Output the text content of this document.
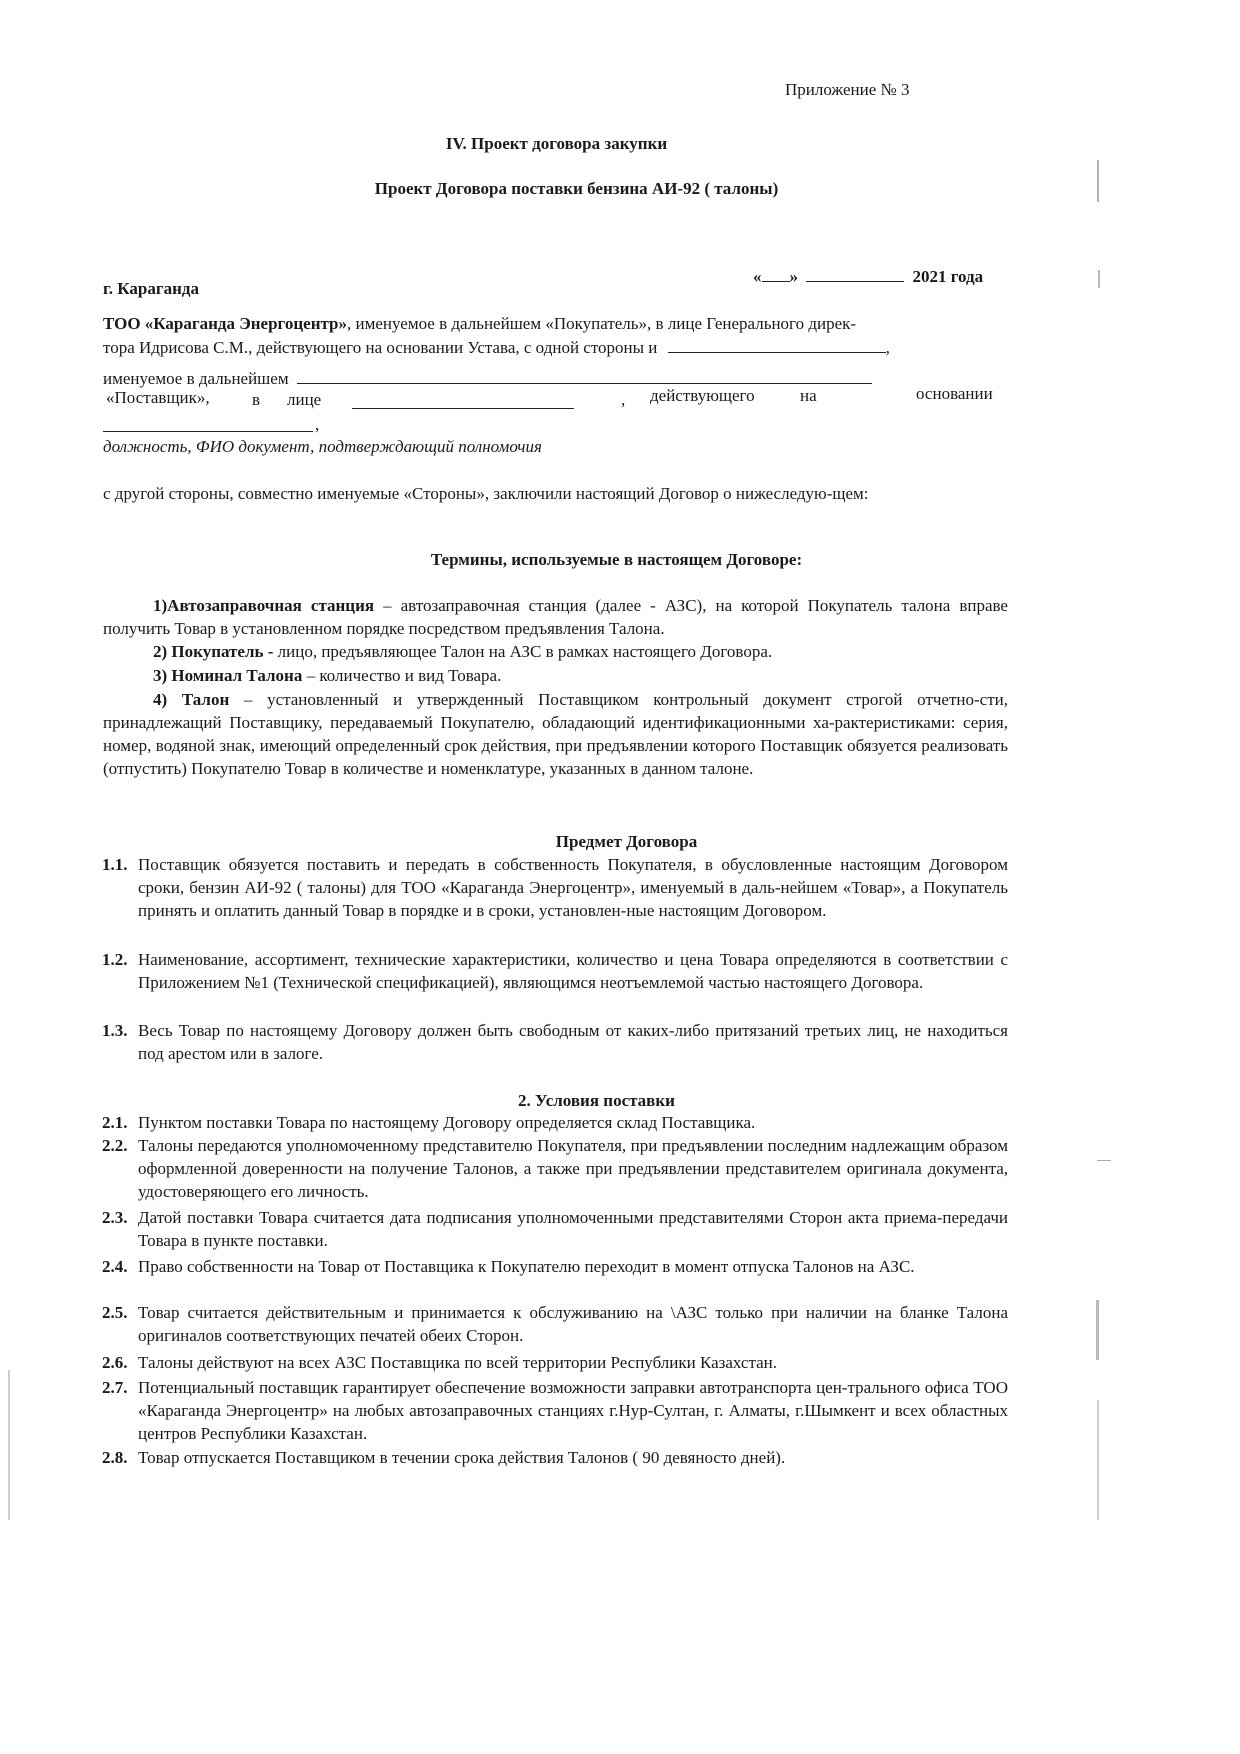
Приложение № 3
IV. Проект договора закупки
Проект Договора поставки бензина АИ-92 ( талоны)
г. Караганда
« »	2021 года
ТОО «Караганда Энергоцентр», именуемое в дальнейшем «Покупатель», в лице Генерального дирек-
тора Идрисова С.М., действующего на основании Устава, с одной стороны и	,
именуемое в дальнейшем
«Поставщик», в лице	, действующего	на	основании
,
должность, ФИО документ, подтверждающий полномочия
с другой стороны, совместно именуемые «Стороны», заключили настоящий Договор о нижеследую-щем:
Термины, используемые в настоящем Договоре:
1)Автозаправочная станция – автозаправочная станция (далее - АЗС), на которой Покупатель талона вправе получить Товар в установленном порядке посредством предъявления Талона.
2) Покупатель - лицо, предъявляющее Талон на АЗС в рамках настоящего Договора.
3) Номинал Талона – количество и вид Товара.
4) Талон – установленный и утвержденный Поставщиком контрольный документ строгой отчетно-сти, принадлежащий Поставщику, передаваемый Покупателю, обладающий идентификационными ха-рактеристиками: серия, номер, водяной знак, имеющий определенный срок действия, при предъявлении которого Поставщик обязуется реализовать (отпустить) Покупателю Товар в количестве и номенклатуре, указанных в данном талоне.
Предмет Договора
1.1. Поставщик обязуется поставить и передать в собственность Покупателя, в обусловленные настоящим Договором сроки, бензин АИ-92 ( талоны) для ТОО «Караганда Энергоцентр», именуемый в даль-нейшем «Товар», а Покупатель принять и оплатить данный Товар в порядке и в сроки, установлен-ные настоящим Договором.
1.2. Наименование, ассортимент, технические характеристики, количество и цена Товара определяются в соответствии с Приложением №1 (Технической спецификацией), являющимся неотъемлемой частью настоящего Договора.
1.3. Весь Товар по настоящему Договору должен быть свободным от каких-либо притязаний третьих лиц, не находиться под арестом или в залоге.
2. Условия поставки
2.1. Пунктом поставки Товара по настоящему Договору определяется склад Поставщика.
2.2. Талоны передаются уполномоченному представителю Покупателя, при предъявлении последним надлежащим образом оформленной доверенности на получение Талонов, а также при предъявлении представителем оригинала документа, удостоверяющего его личность.
2.3. Датой поставки Товара считается дата подписания уполномоченными представителями Сторон акта приема-передачи Товара в пункте поставки.
2.4. Право собственности на Товар от Поставщика к Покупателю переходит в момент отпуска Талонов на АЗС.
2.5. Товар считается действительным и принимается к обслуживанию на \АЗС только при наличии на бланке Талона оригиналов соответствующих печатей обеих Сторон.
2.6. Талоны действуют на всех АЗС Поставщика по всей территории Республики Казахстан.
2.7. Потенциальный поставщик гарантирует обеспечение возможности заправки автотранспорта цен-трального офиса ТОО «Караганда Энергоцентр» на любых автозаправочных станциях г.Нур-Султан, г. Алматы, г.Шымкент и всех областных центров Республики Казахстан.
2.8. Товар отпускается Поставщиком в течении срока действия Талонов ( 90 девяносто дней).
